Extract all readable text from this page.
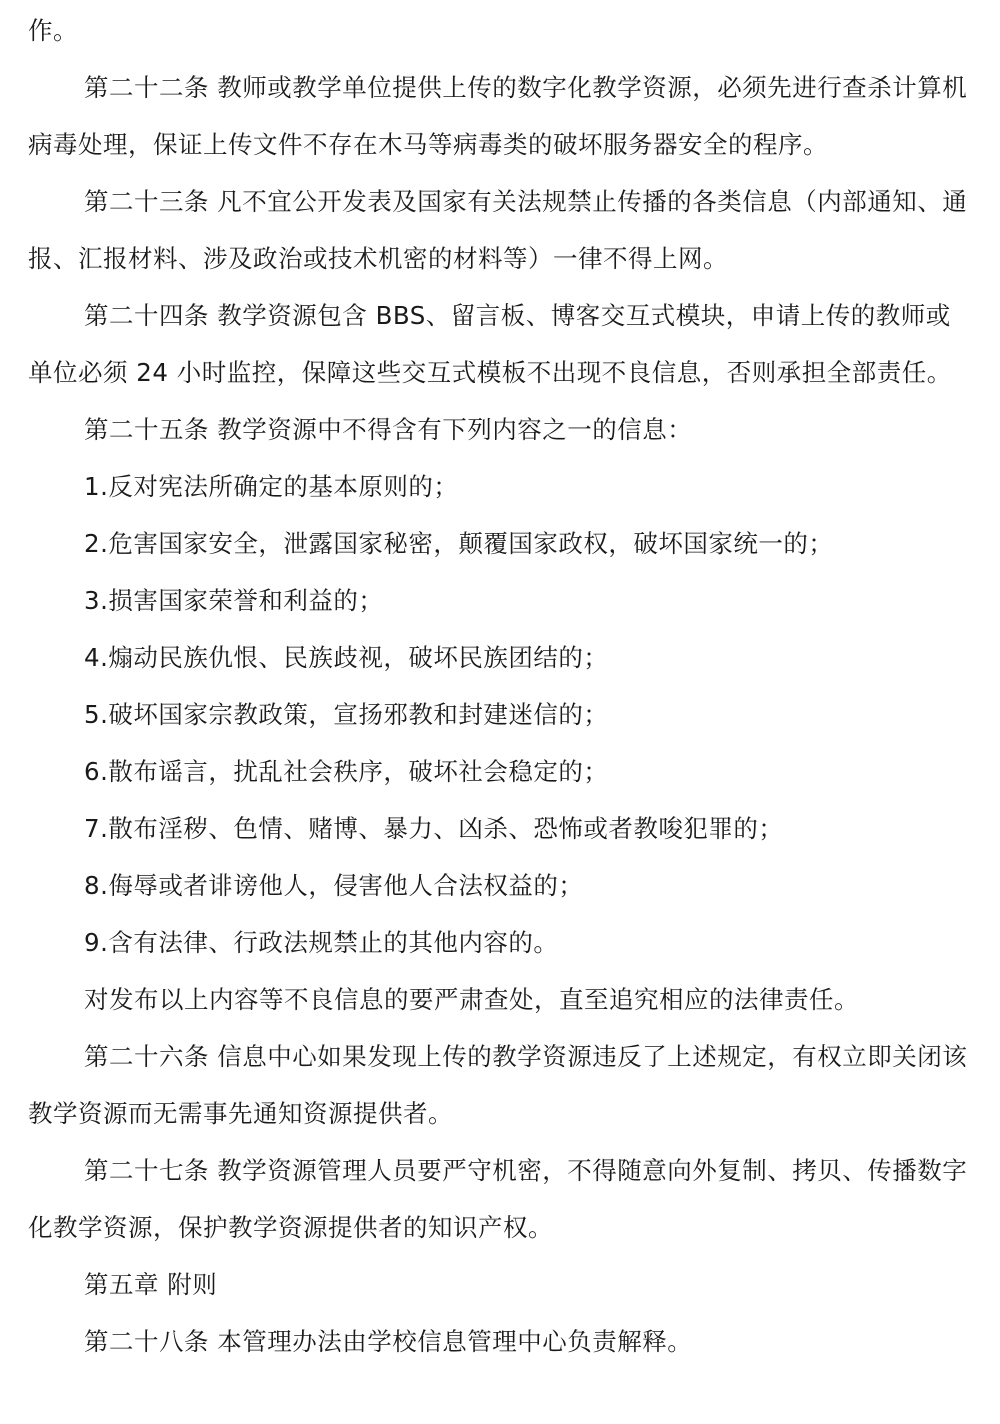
作。

第二十二条 教师或教学单位提供上传的数字化教学资源，必须先进行查杀计算机病毒处理，保证上传文件不存在木马等病毒类的破坏服务器安全的程序。

第二十三条 凡不宜公开发表及国家有关法规禁止传播的各类信息（内部通知、通报、汇报材料、涉及政治或技术机密的材料等）一律不得上网。

第二十四条 教学资源包含 BBS、留言板、博客交互式模块，申请上传的教师或单位必须 24 小时监控，保障这些交互式模板不出现不良信息，否则承担全部责任。

第二十五条 教学资源中不得含有下列内容之一的信息：

1.反对宪法所确定的基本原则的；

2.危害国家安全，泄露国家秘密，颠覆国家政权，破坏国家统一的；

3.损害国家荣誉和利益的；

4.煽动民族仇恨、民族歧视，破坏民族团结的；

5.破坏国家宗教政策，宣扬邪教和封建迷信的；

6.散布谣言，扰乱社会秩序，破坏社会稳定的；

7.散布淫秽、色情、赌博、暴力、凶杀、恐怖或者教唆犯罪的；

8.侮辱或者诽谤他人，侵害他人合法权益的；

9.含有法律、行政法规禁止的其他内容的。

对发布以上内容等不良信息的要严肃查处，直至追究相应的法律责任。

第二十六条 信息中心如果发现上传的教学资源违反了上述规定，有权立即关闭该教学资源而无需事先通知资源提供者。

第二十七条 教学资源管理人员要严守机密，不得随意向外复制、拷贝、传播数字化教学资源，保护教学资源提供者的知识产权。

第五章 附则

第二十八条 本管理办法由学校信息管理中心负责解释。
